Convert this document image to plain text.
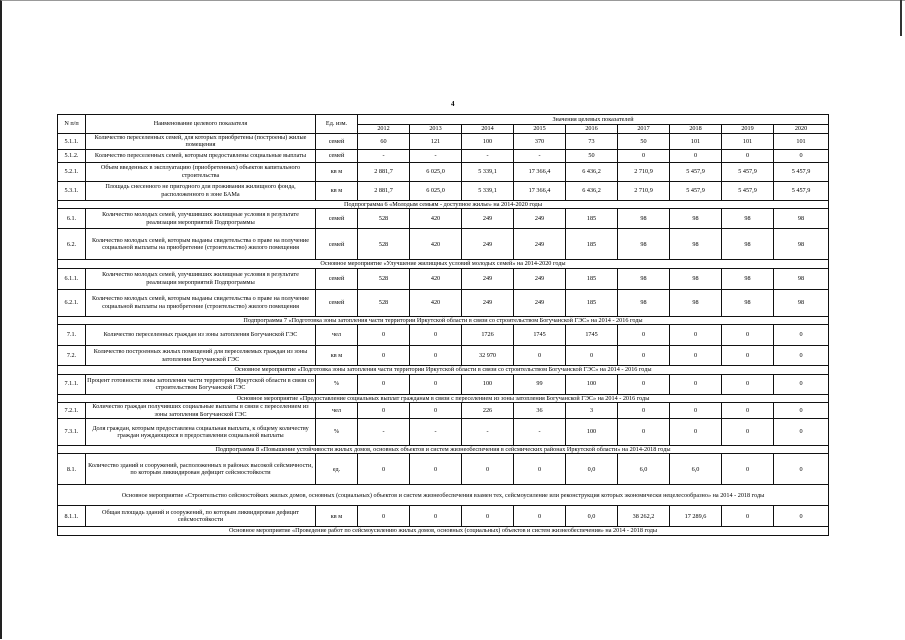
4
N п/п	Наименование целевого показателя	Ед. изм.	Значения целевых показателей								
			2012	2013	2014	2015	2016	2017	2018	2019	2020
5.1.1.	Количество переселенных семей, для которых приобретены (построены) жилые помещения	семей	60	121	100	370	73	50	101	101	101
5.1.2.	Количество переселенных семей, которым предоставлены социальные выплаты	семей	-	-	-	-	50	0	0	0	0
5.2.1.	Объем введенных в эксплуатацию (приобретенных) объектов капитального строительства	кв м	2 881,7	6 025,0	5 339,1	17 366,4	6 436,2	2 710,9	5 457,9	5 457,9	5 457,9
5.3.1.	Площадь снесенного не пригодного для проживания жилищного фонда, расположенного в зоне БАМа	кв м	2 881,7	6 025,0	5 339,1	17 366,4	6 436,2	2 710,9	5 457,9	5 457,9	5 457,9
Подпрограмма 6 «Молодым семьям - доступное жилье» на 2014-2020 годы											
6.1.	Количество молодых семей, улучшивших жилищные условия в результате реализации мероприятий Подпрограммы	семей	528	420	249	249	185	98	98	98	98
6.2.	Количество молодых семей, которым выданы свидетельства о праве на получение социальной выплаты на приобретение (строительство) жилого помещения	семей	528	420	249	249	185	98	98	98	98
Основное мероприятие «Улучшение жилищных условий молодых семей» на 2014-2020 годы											
6.1.1.	Количество молодых семей, улучшивших жилищные условия в результате реализации мероприятий Подпрограммы	семей	528	420	249	249	185	98	98	98	98
6.2.1.	Количество молодых семей, которым выданы свидетельства о праве на получение социальной выплаты на приобретение (строительство) жилого помещения	семей	528	420	249	249	185	98	98	98	98
Подпрограмма 7 «Подготовка зоны затопления части территории Иркутской области в связи со строительством Богучанской ГЭС» на 2014 - 2016 годы											
7.1.	Количество переселенных граждан из зоны затопления Богучанской ГЭС	чел	0	0	1726	1745	1745	0	0	0	0
7.2.	Количество построенных жилых помещений для переселяемых граждан из зоны затопления Богучанской ГЭС	кв м	0	0	32 970	0	0	0	0	0	0
Основное мероприятие «Подготовка зоны затопления части территории Иркутской области в связи со строительством Богучанской ГЭС» на 2014 - 2016 годы											
7.1.1.	Процент готовности зоны затопления части территории Иркутской области в связи со строительством Богучанской ГЭС	%	0	0	100	99	100	0	0	0	0
Основное мероприятие «Предоставление социальных выплат гражданам в связи с переселением из зоны затопления Богучанской ГЭС» на 2014 - 2016 годы											
7.2.1.	Количество граждан получивших социальные выплаты в связи с переселением из зоны затопления Богучанской ГЭС	чел	0	0	226	36	3	0	0	0	0
7.3.1.	Доля граждан, которым предоставлена социальная выплата, к общему количеству граждан нуждающихся в предоставлении социальной выплаты	%	-	-	-	-	100	0	0	0	0
Подпрограмма 8 «Повышение устойчивости жилых домов, основных объектов и систем жизнеобеспечения в сейсмических районах Иркутской области» на 2014-2018 годы											
8.1.	Количество зданий и сооружений, расположенных в районах высокой сейсмичности, по которым ликвидирован дефицит сейсмостойкости	ед.	0	0	0	0	0,0	6,0	6,0	0	0
Основное мероприятие «Строительство сейсмостойких жилых домов, основных (социальных) объектов и систем жизнеобеспечения взамен тех, сейсмоусиление или реконструкция которых экономически нецелесообразно» на 2014 - 2018 годы											
8.1.1.	Общая площадь зданий и сооружений, по которым ликвидирован дефицит сейсмостойкости	кв м	0	0	0	0	0,0	38 262,2	17 289,6	0	0
Основное мероприятие «Проведение работ по сейсмоусилению жилых домов, основных (социальных) объектов и систем жизнеобеспечения» на 2014 - 2018 годы											
